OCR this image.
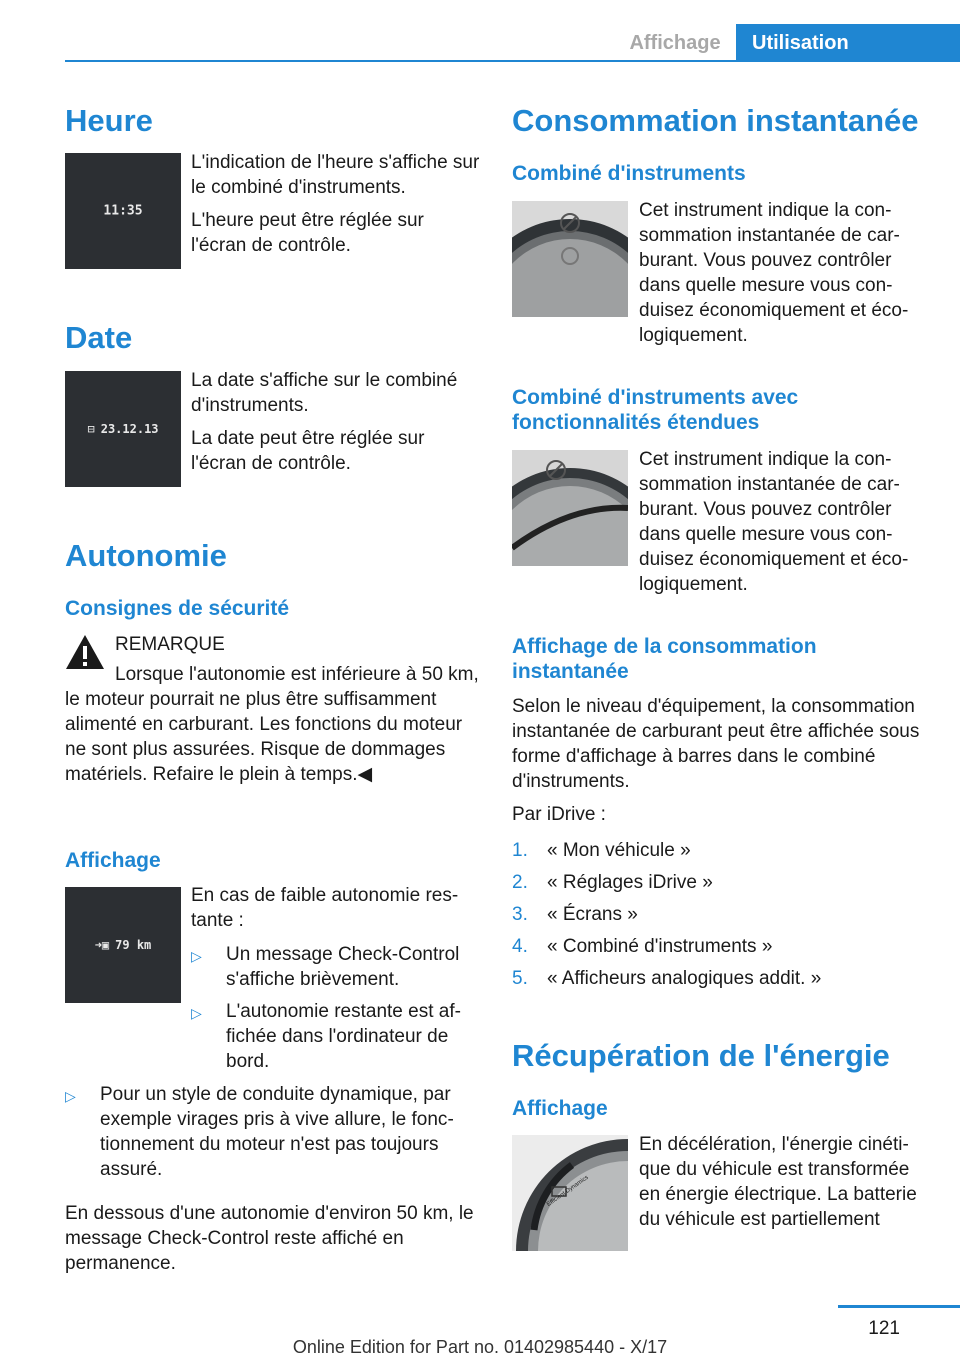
Affichage	Utilisation
Heure
11:35

L'indication de l'heure s'affiche sur le combiné d'instruments.

L'heure peut être réglée sur l'écran de contrôle.

Date
⊟ 23.12.13

La date s'affiche sur le combiné d'instruments.

La date peut être réglée sur l'écran de contrôle.

Autonomie
Consignes de sécurité

REMARQUE

Lorsque l'autonomie est inférieure à 50 km, le moteur pourrait ne plus être suffisamment alimenté en carburant. Les fonctions du moteur ne sont plus assurées. Risque de dommages matériels. Refaire le plein à temps.◀

Affichage
➜▣ 79 km

En cas de faible autonomie restante :

▷ Un message Check-Control s'affiche brièvement.
▷ L'autonomie restante est affichée dans l'ordinateur de bord.
▷ Pour un style de conduite dynamique, par exemple virages pris à vive allure, le fonctionnement du moteur n'est pas toujours assuré.

En dessous d'une autonomie d'environ 50 km, le message Check-Control reste affiché en permanence.

Consommation instantanée
Combiné d'instruments

Cet instrument indique la consommation instantanée de carburant. Vous pouvez contrôler dans quelle mesure vous conduisez économiquement et écologiquement.

Combiné d'instruments avec fonctionnalités étendues

Cet instrument indique la consommation instantanée de carburant. Vous pouvez contrôler dans quelle mesure vous conduisez économiquement et écologiquement.

Affichage de la consommation instantanée

Selon le niveau d'équipement, la consommation instantanée de carburant peut être affichée sous forme d'affichage à barres dans le combiné d'instruments.

Par iDrive :

1. « Mon véhicule »
2. « Réglages iDrive »
3. « Écrans »
4. « Combiné d'instruments »
5. « Afficheurs analogiques addit. »
Récupération de l'énergie
Affichage
Efficient Dynamics

En décélération, l'énergie cinétique du véhicule est transformée en énergie électrique. La batterie du véhicule est partiellement

121
Online Edition for Part no. 01402985440 - X/17
